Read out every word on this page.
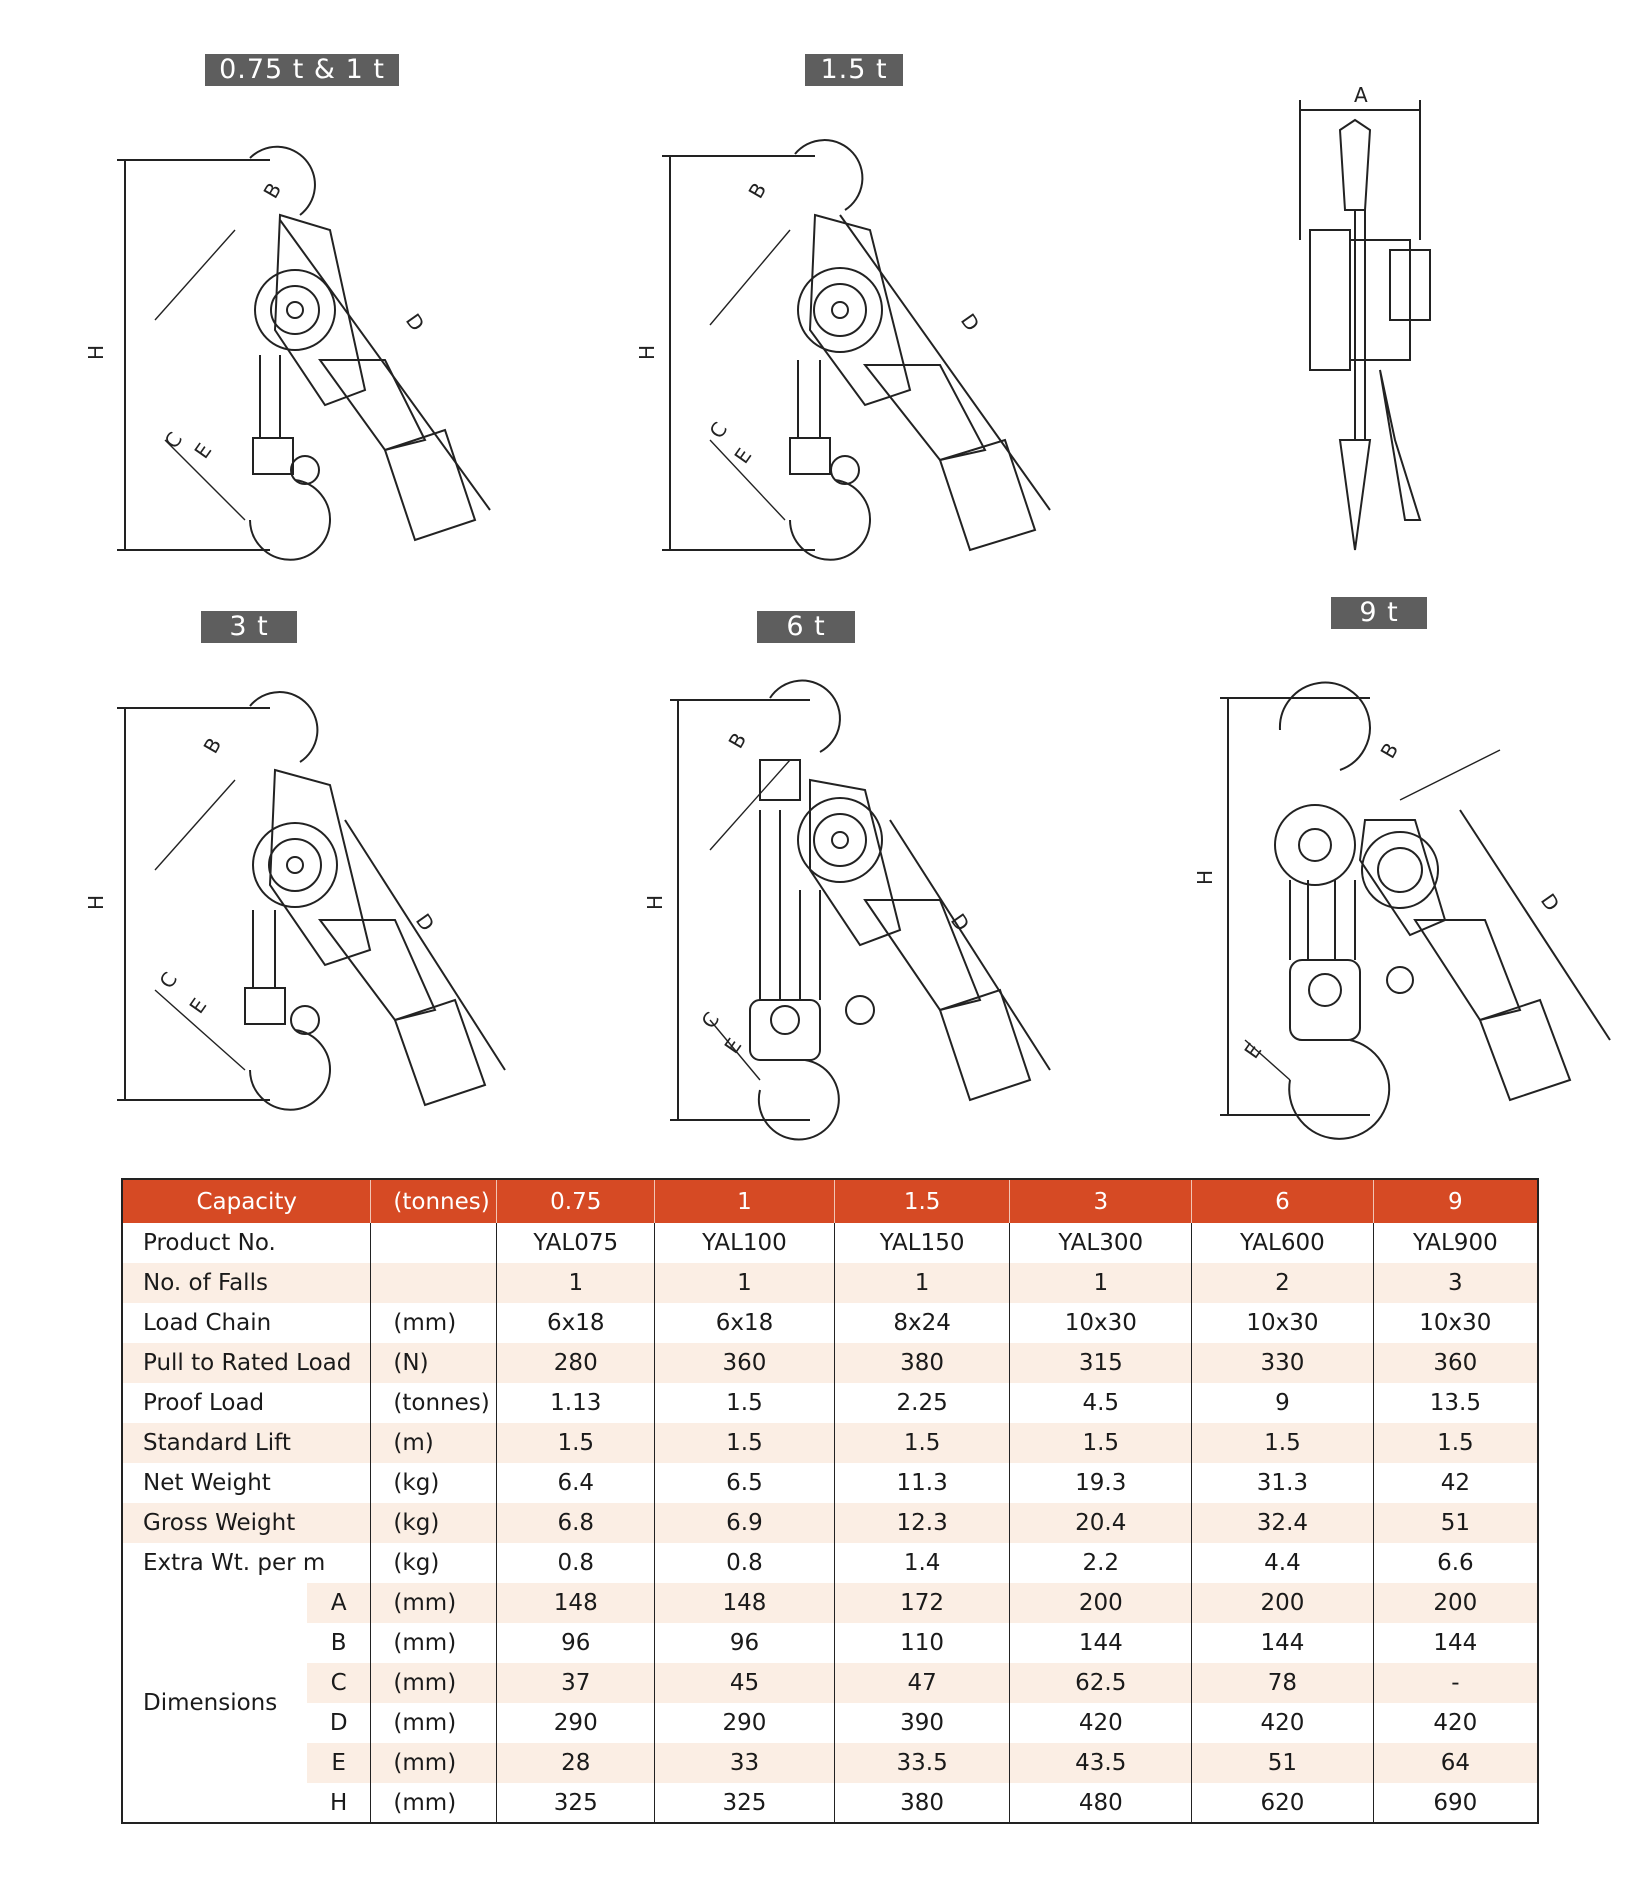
0.75 t & 1 t	1.5 t
3 t	6 t	9 t
H
B
D
C E
H
B
D
C
E
A
H
B
D
C
E
H
B
D
C
E
H
B
D
E
Capacity		(tonnes)	0.75	1	1.5	3	6	9
Product No.			YAL075	YAL100	YAL150	YAL300	YAL600	YAL900
No. of Falls			1	1	1	1	2	3
Load Chain		(mm)	6x18	6x18	8x24	10x30	10x30	10x30
Pull to Rated Load		(N)	280	360	380	315	330	360
Proof Load		(tonnes)	1.13	1.5	2.25	4.5	9	13.5
Standard Lift		(m)	1.5	1.5	1.5	1.5	1.5	1.5
Net Weight		(kg)	6.4	6.5	11.3	19.3	31.3	42
Gross Weight		(kg)	6.8	6.9	12.3	20.4	32.4	51
Extra Wt. per m		(kg)	0.8	0.8	1.4	2.2	4.4	6.6
Dimensions	A	(mm)	148	148	172	200	200	200
	B	(mm)	96	96	110	144	144	144
	C	(mm)	37	45	47	62.5	78	-
	D	(mm)	290	290	390	420	420	420
	E	(mm)	28	33	33.5	43.5	51	64
	H	(mm)	325	325	380	480	620	690
